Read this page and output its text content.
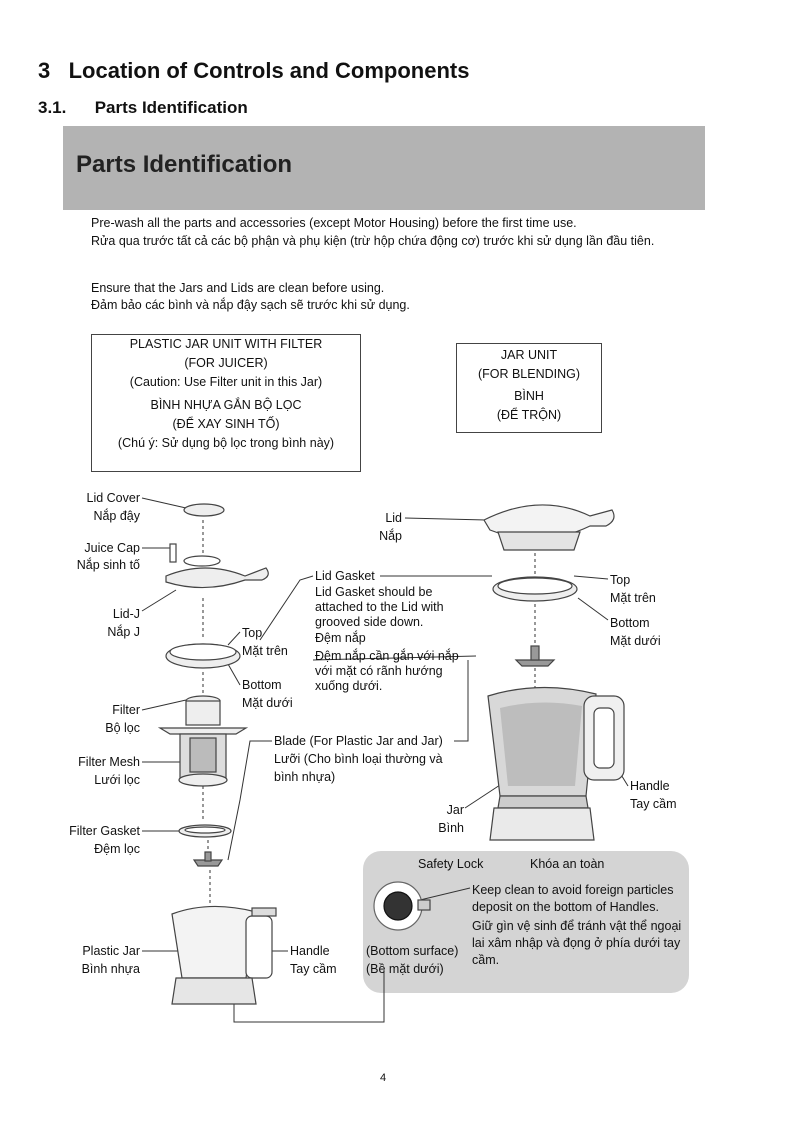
3 Location of Controls and Components
3.1. Parts Identification
Parts Identification
Pre-wash all the parts and accessories (except Motor Housing) before the first time use.
Rửa qua trước tất cả các bộ phận và phụ kiện (trừ hộp chứa động cơ) trước khi sử dụng lần đầu tiên.
Ensure that the Jars and Lids are clean before using.
Đảm bảo các bình và nắp đậy sạch sẽ trước khi sử dụng.
PLASTIC JAR UNIT WITH FILTER
(FOR JUICER)
(Caution: Use Filter unit in this Jar)
BÌNH NHỰA GẮN BỘ LỌC
(ĐỂ XAY SINH TỐ)
(Chú ý: Sử dụng bộ lọc trong bình này)
JAR UNIT
(FOR BLENDING)
BÌNH
(ĐỂ TRỘN)
Lid Cover
Nắp đậy
Juice Cap
Nắp sinh tố
Lid-J
Nắp J	Top
Mặt trên
Bottom
Mặt dưới
Filter
Bộ lọc
Filter Mesh
Lưới lọc
Filter Gasket
Đệm lọc
Plastic Jar
Bình nhựa
Handle
Tay cầm
Lid
Nắp
Lid Gasket
Lid Gasket should be
attached to the Lid with
grooved side down.
Đệm nắp
Đệm nắp cần gắn với nắp
với mặt có rãnh hướng
xuống dưới.
Top
Mặt trên
Bottom
Mặt dưới
Blade (For Plastic Jar and Jar)
Lưỡi (Cho bình loại thường và
bình nhựa)
Handle
Tay cầm
Jar
Bình
Safety Lock	Khóa an toàn
Keep clean to avoid foreign particles
deposit on the bottom of Handles.
Giữ gìn vệ sinh để tránh vật thể ngoại
lai xâm nhập và đọng ở phía dưới tay
cầm.
(Bottom surface)
(Bề mặt dưới)
4
